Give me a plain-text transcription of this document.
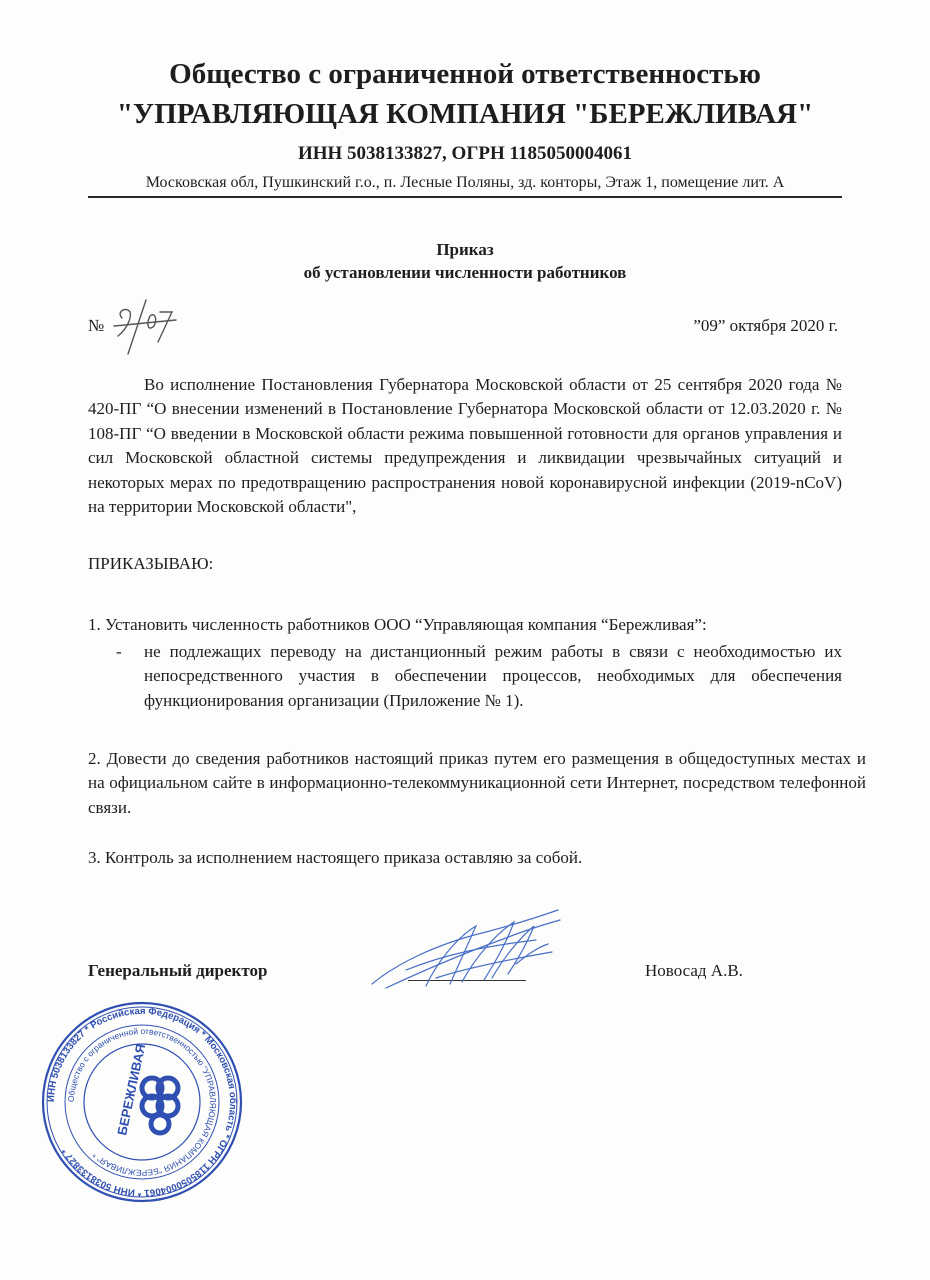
Общество с ограниченной ответственностью
"УПРАВЛЯЮЩАЯ КОМПАНИЯ "БЕРЕЖЛИВАЯ"
ИНН 5038133827, ОГРН 1185050004061
Московская обл, Пушкинский г.о., п. Лесные Поляны, зд. конторы, Этаж 1, помещение лит. А
Приказ
об установлении численности работников
№	”09” октября 2020 г.
Во исполнение Постановления Губернатора Московской области от 25 сентября 2020 года № 420-ПГ “О внесении изменений в Постановление Губернатора Московской области от 12.03.2020 г. № 108-ПГ “О введении в Московской области режима повышенной готовности для органов управления и сил Московской областной системы предупреждения и ликвидации чрезвычайных ситуаций и некоторых мерах по предотвращению распространения новой коронавирусной инфекции (2019-nCoV) на территории Московской области",
ПРИКАЗЫВАЮ:
1. Установить численность работников ООО “Управляющая компания “Бережливая”:
- не подлежащих переводу на дистанционный режим работы в связи с необходимостью их непосредственного участия в обеспечении процессов, необходимых для обеспечения функционирования организации (Приложение № 1).
2. Довести до сведения работников настоящий приказ путем его размещения в общедоступных местах и на официальном сайте в информационно-телекоммуникационной сети Интернет, посредством телефонной связи.
3. Контроль за исполнением настоящего приказа оставляю за собой.
Генеральный директор	Новосад А.В.
ИНН 5038133827 * Российская Федерация * Московская область * ОГРН 1185050004061 * ИНН 5038133827 *
Общество с ограниченной ответственностью "УПРАВЛЯЮЩАЯ КОМПАНИЯ "БЕРЕЖЛИВАЯ" *
БЕРЕЖЛИВАЯ
